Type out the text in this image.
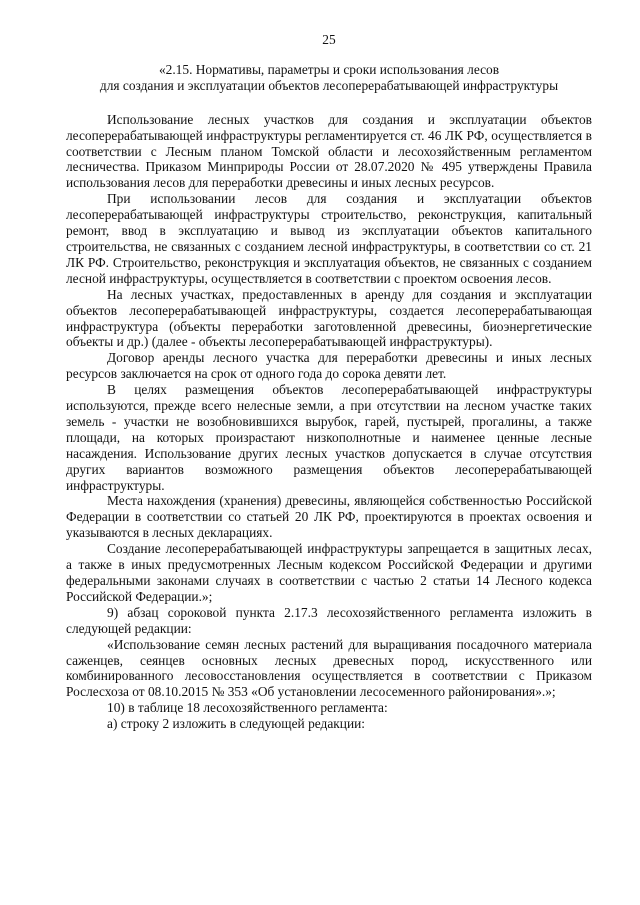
25

«2.15. Нормативы, параметры и сроки использования лесов

для создания и эксплуатации объектов лесоперерабатывающей инфраструктуры

Использование лесных участков для создания и эксплуатации объектов лесоперерабатывающей инфраструктуры регламентируется ст. 46 ЛК РФ, осуществляется в соответствии с Лесным планом Томской области и лесохозяйственным регламентом лесничества. Приказом Минприроды России от 28.07.2020 № 495 утверждены Правила использования лесов для переработки древесины и иных лесных ресурсов.

При использовании лесов для создания и эксплуатации объектов лесоперерабатывающей инфраструктуры строительство, реконструкция, капитальный ремонт, ввод в эксплуатацию и вывод из эксплуатации объектов капитального строительства, не связанных с созданием лесной инфраструктуры, в соответствии со ст. 21 ЛК РФ. Строительство, реконструкция и эксплуатация объектов, не связанных с созданием лесной инфраструктуры, осуществляется в соответствии с проектом освоения лесов.

На лесных участках, предоставленных в аренду для создания и эксплуатации объектов лесоперерабатывающей инфраструктуры, создается лесоперерабатывающая инфраструктура (объекты переработки заготовленной древесины, биоэнергетические объекты и др.) (далее - объекты лесоперерабатывающей инфраструктуры).

Договор аренды лесного участка для переработки древесины и иных лесных ресурсов заключается на срок от одного года до сорока девяти лет.

В целях размещения объектов лесоперерабатывающей инфраструктуры используются, прежде всего нелесные земли, а при отсутствии на лесном участке таких земель - участки не возобновившихся вырубок, гарей, пустырей, прогалины, а также площади, на которых произрастают низкополнотные и наименее ценные лесные насаждения. Использование других лесных участков допускается в случае отсутствия других вариантов возможного размещения объектов лесоперерабатывающей инфраструктуры.

Места нахождения (хранения) древесины, являющейся собственностью Российской Федерации в соответствии со статьей 20 ЛК РФ, проектируются в проектах освоения и указываются в лесных декларациях.

Создание лесоперерабатывающей инфраструктуры запрещается в защитных лесах, а также в иных предусмотренных Лесным кодексом Российской Федерации и другими федеральными законами случаях в соответствии с частью 2 статьи 14 Лесного кодекса Российской Федерации.»;

9) абзац сороковой пункта 2.17.3 лесохозяйственного регламента изложить в следующей редакции:

«Использование семян лесных растений для выращивания посадочного материала саженцев, сеянцев основных лесных древесных пород, искусственного или комбинированного лесовосстановления осуществляется в соответствии с Приказом Рослесхоза от 08.10.2015 № 353 «Об установлении лесосеменного районирования».»;

10) в таблице 18 лесохозяйственного регламента:

а) строку 2 изложить в следующей редакции:
